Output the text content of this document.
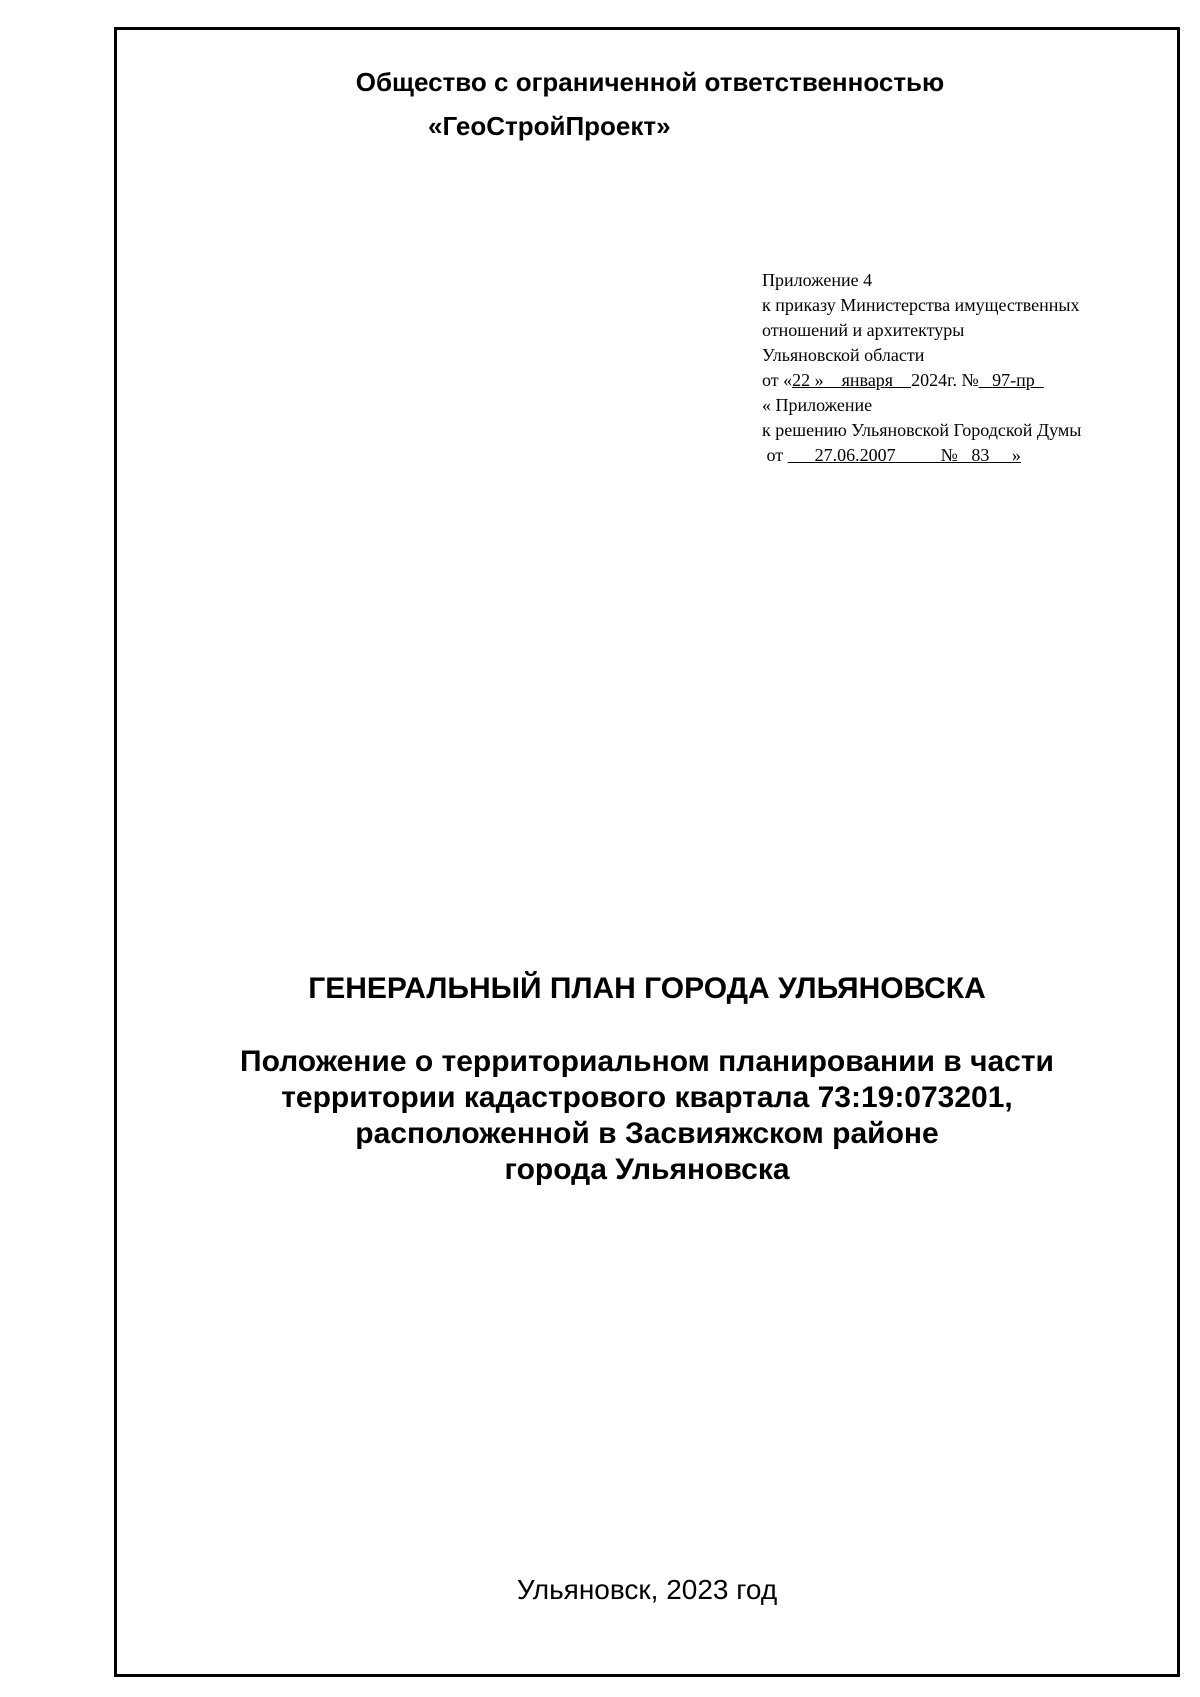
Общество с ограниченной ответственностью
«ГеоСтройПроект»
Приложение 4
к приказу Министерства имущественных
отношений и архитектуры
Ульяновской области
от «22 » января 2024г. № 97-пр
« Приложение
к решению Ульяновской Городской Думы
от       27.06.2007	№ 83 »
ГЕНЕРАЛЬНЫЙ ПЛАН ГОРОДА УЛЬЯНОВСКА
Положение о территориальном планировании в части
территории кадастрового квартала 73:19:073201,
расположенной в Засвияжском районе
города Ульяновска
Ульяновск, 2023 год
